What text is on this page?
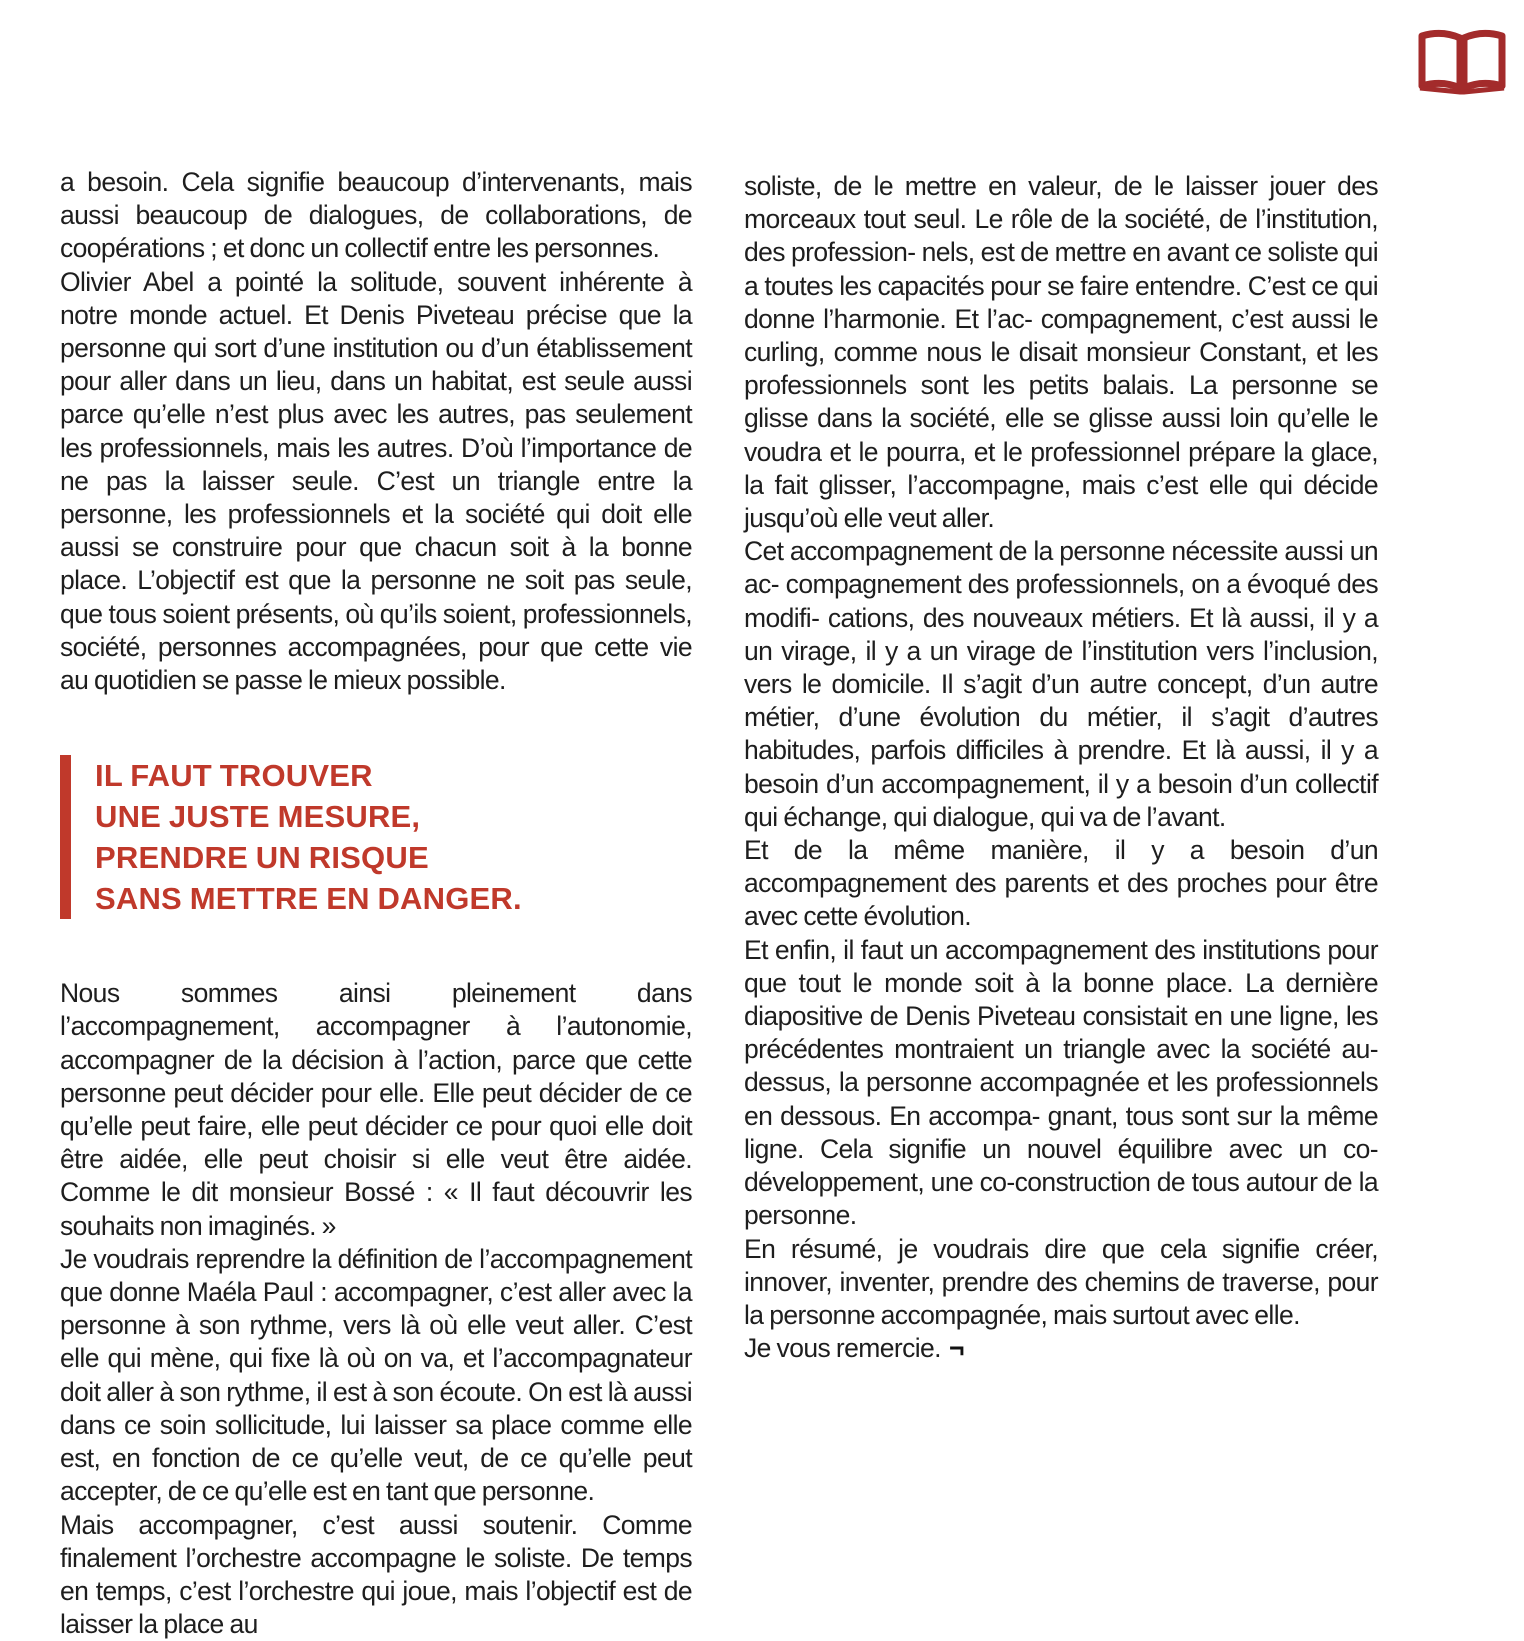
a besoin. Cela signifie beaucoup d’intervenants, mais aussi beaucoup de dialogues, de collaborations, de coopérations ; et donc un collectif entre les personnes.

Olivier Abel a pointé la solitude, souvent inhérente à notre monde actuel. Et Denis Piveteau précise que la personne qui sort d’une institution ou d’un établissement pour aller dans un lieu, dans un habitat, est seule aussi parce qu’elle n’est plus avec les autres, pas seulement les professionnels, mais les autres. D’où l’importance de ne pas la laisser seule. C’est un triangle entre la personne, les professionnels et la société qui doit elle aussi se construire pour que chacun soit à la bonne place. L’objectif est que la personne ne soit pas seule, que tous soient présents, où qu’ils soient, professionnels, société, personnes accompagnées, pour que cette vie au quotidien se passe le mieux possible.

IL FAUT TROUVER
UNE JUSTE MESURE,
PRENDRE UN RISQUE
SANS METTRE EN DANGER.

Nous sommes ainsi pleinement dans l’accompagnement, accompagner à l’autonomie, accompagner de la décision à l’action, parce que cette personne peut décider pour elle. Elle peut décider de ce qu’elle peut faire, elle peut décider ce pour quoi elle doit être aidée, elle peut choisir si elle veut être aidée. Comme le dit monsieur Bossé : « Il faut découvrir les souhaits non imaginés. »

Je voudrais reprendre la définition de l’accompagnement que donne Maéla Paul : accompagner, c’est aller avec la personne à son rythme, vers là où elle veut aller. C’est elle qui mène, qui fixe là où on va, et l’accompagnateur doit aller à son rythme, il est à son écoute. On est là aussi dans ce soin sollicitude, lui laisser sa place comme elle est, en fonction de ce qu’elle veut, de ce qu’elle peut accepter, de ce qu’elle est en tant que personne.

Mais accompagner, c’est aussi soutenir. Comme finalement l’orchestre accompagne le soliste. De temps en temps, c’est l’orchestre qui joue, mais l’objectif est de laisser la place au

soliste, de le mettre en valeur, de le laisser jouer des morceaux tout seul. Le rôle de la société, de l’institution, des profession- nels, est de mettre en avant ce soliste qui a toutes les capacités pour se faire entendre. C’est ce qui donne l’harmonie. Et l’ac- compagnement, c’est aussi le curling, comme nous le disait monsieur Constant, et les professionnels sont les petits balais. La personne se glisse dans la société, elle se glisse aussi loin qu’elle le voudra et le pourra, et le professionnel prépare la glace, la fait glisser, l’accompagne, mais c’est elle qui décide jusqu’où elle veut aller.

Cet accompagnement de la personne nécessite aussi un ac- compagnement des professionnels, on a évoqué des modifi- cations, des nouveaux métiers. Et là aussi, il y a un virage, il y a un virage de l’institution vers l’inclusion, vers le domicile. Il s’agit d’un autre concept, d’un autre métier, d’une évolution du métier, il s’agit d’autres habitudes, parfois difficiles à prendre. Et là aussi, il y a besoin d’un accompagnement, il y a besoin d’un collectif qui échange, qui dialogue, qui va de l’avant.

Et de la même manière, il y a besoin d’un accompagnement des parents et des proches pour être avec cette évolution.

Et enfin, il faut un accompagnement des institutions pour que tout le monde soit à la bonne place. La dernière diapositive de Denis Piveteau consistait en une ligne, les précédentes montraient un triangle avec la société au-dessus, la personne accompagnée et les professionnels en dessous. En accompa- gnant, tous sont sur la même ligne. Cela signifie un nouvel équilibre avec un co-développement, une co-construction de tous autour de la personne.

En résumé, je voudrais dire que cela signifie créer, innover, inventer, prendre des chemins de traverse, pour la personne accompagnée, mais surtout avec elle.

Je vous remercie. ¬
